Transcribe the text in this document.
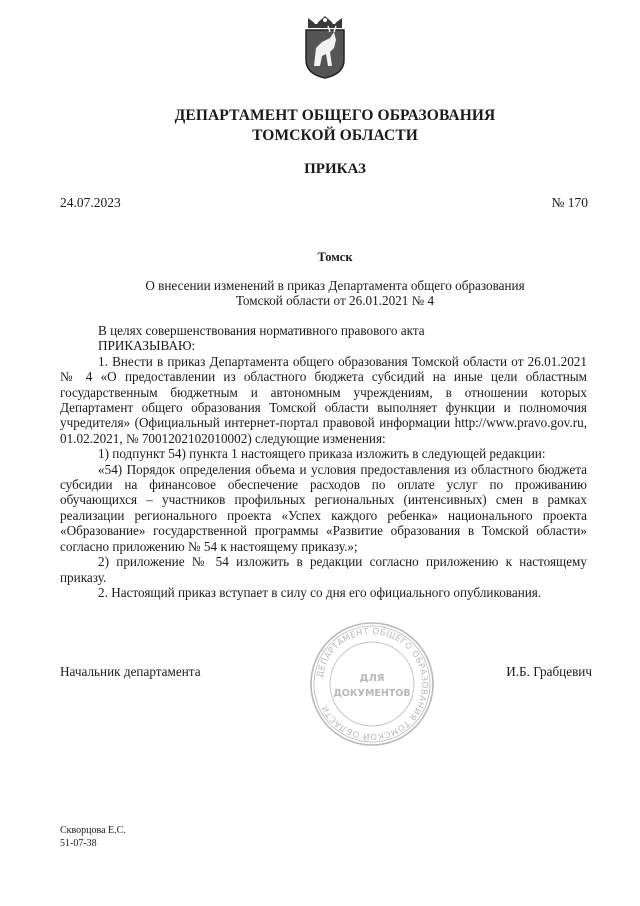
ДЕПАРТАМЕНТ ОБЩЕГО ОБРАЗОВАНИЯ
ТОМСКОЙ ОБЛАСТИ
ПРИКАЗ
24.07.2023	№ 170
Томск
О внесении изменений в приказ Департамента общего образования
Томской области от 26.01.2021 № 4

В целях совершенствования нормативного правового акта

ПРИКАЗЫВАЮ:

1. Внести в приказ Департамента общего образования Томской области от 26.01.2021 № 4 «О предоставлении из областного бюджета субсидий на иные цели областным государственным бюджетным и автономным учреждениям, в отношении которых Департамент общего образования Томской области выполняет функции и полномочия учредителя» (Официальный интернет-портал правовой информации http://www.pravo.gov.ru, 01.02.2021, № 7001202102010002) следующие изменения:

1) подпункт 54) пункта 1 настоящего приказа изложить в следующей редакции:

«54) Порядок определения объема и условия предоставления из областного бюджета субсидии на финансовое обеспечение расходов по оплате услуг по проживанию обучающихся – участников профильных региональных (интенсивных) смен в рамках реализации регионального проекта «Успех каждого ребенка» национального проекта «Образование» государственной программы «Развитие образования в Томской области» согласно приложению № 54 к настоящему приказу.»;

2) приложение № 54 изложить в редакции согласно приложению к настоящему приказу.

2. Настоящий приказ вступает в силу со дня его официального опубликования.

ДЕПАРТАМЕНТ ОБЩЕГО ОБРАЗОВАНИЯ ТОМСКОЙ ОБЛАСТИ
ДЛЯ
ДОКУМЕНТОВ
Начальник департамента	И.Б. Грабцевич
Скворцова Е.С.
51-07-38
